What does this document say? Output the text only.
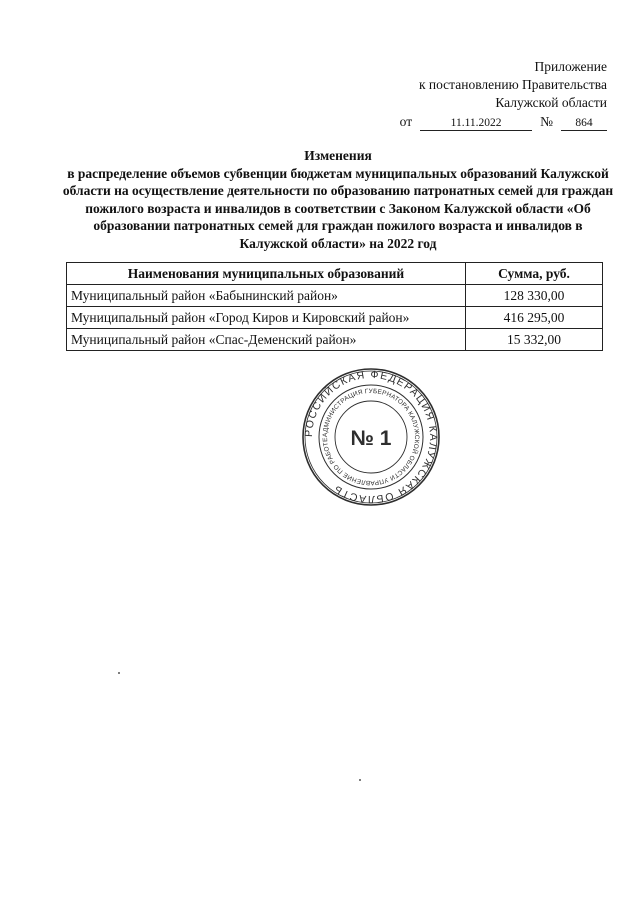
Приложение
к постановлению Правительства
Калужской области
от	11.11.2022	№	864
Изменения
в распределение объемов субвенции бюджетам муниципальных образований Калужской области на осуществление деятельности по образованию патронатных семей для граждан пожилого возраста и инвалидов в соответствии с Законом Калужской области «Об образовании патронатных семей для граждан пожилого возраста и инвалидов в Калужской области» на 2022 год
Наименования муниципальных образований	Сумма, руб.
Муниципальный район «Бабынинский район»	128 330,00
Муниципальный район «Город Киров и Кировский район»	416 295,00
Муниципальный район «Спас-Деменский район»	15 332,00
РОССИЙСКАЯ ФЕДЕРАЦИЯ КАЛУЖСКАЯ ОБЛАСТЬ
АДМИНИСТРАЦИЯ ГУБЕРНАТОРА КАЛУЖСКОЙ ОБЛАСТИ УПРАВЛЕНИЕ ПО РАБОТЕ	№ 1
